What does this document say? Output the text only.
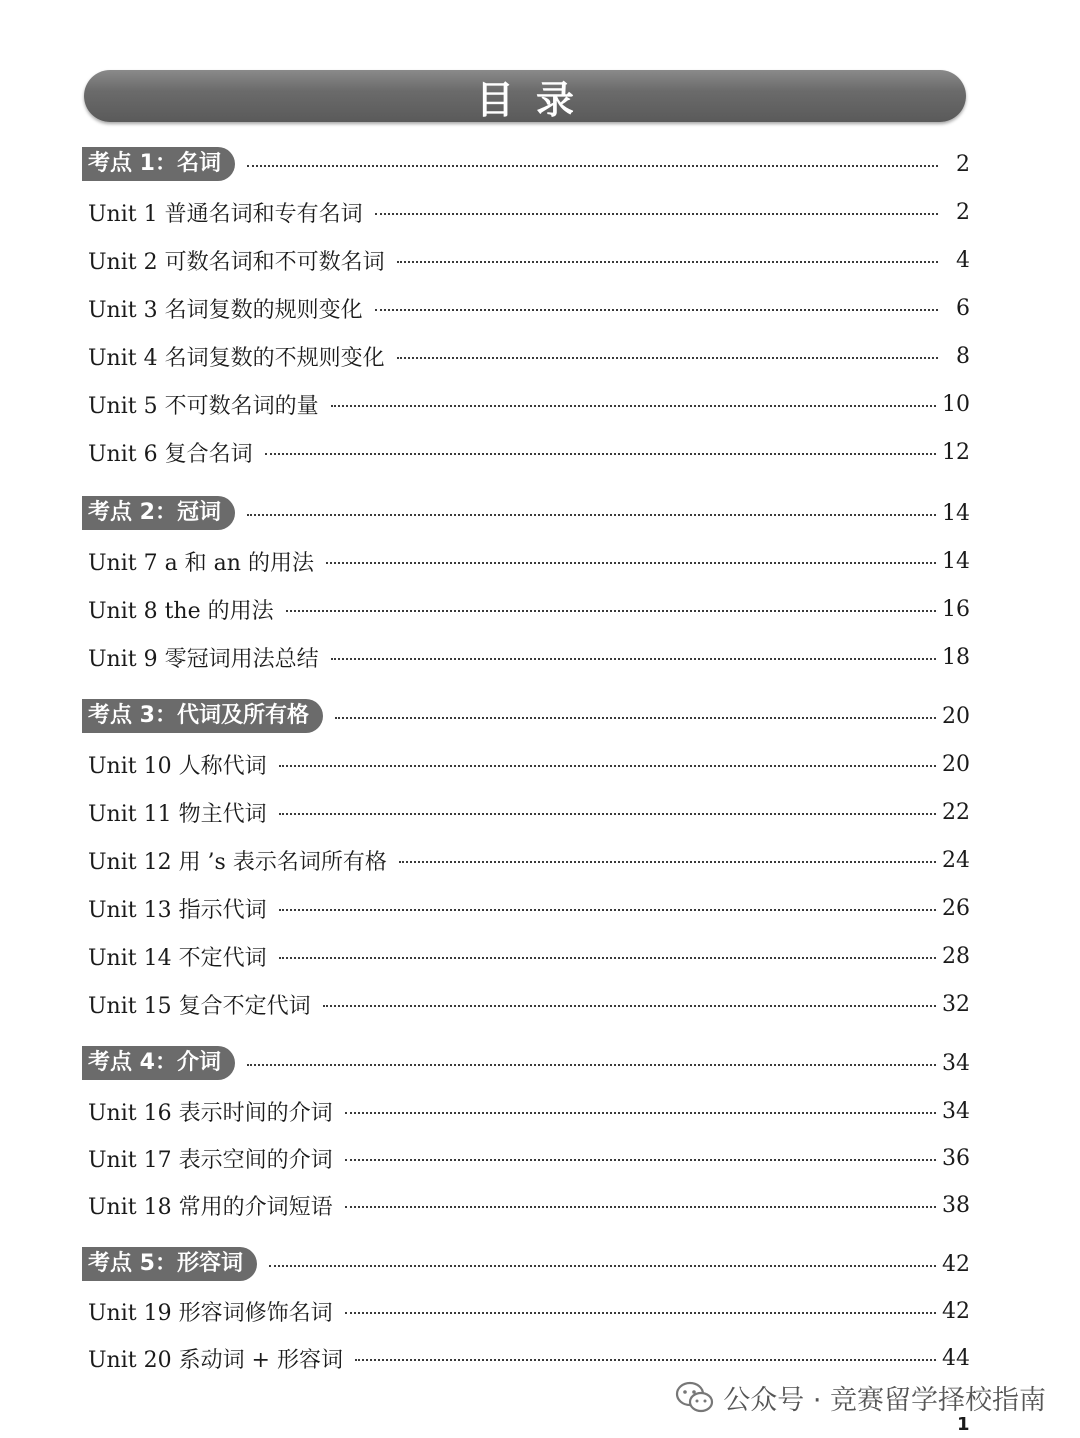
目录
考点 1：名词	2
Unit 1 普通名词和专有名词	2
Unit 2 可数名词和不可数名词	4
Unit 3 名词复数的规则变化	6
Unit 4 名词复数的不规则变化	8
Unit 5 不可数名词的量	10
Unit 6 复合名词	12
考点 2：冠词	14
Unit 7 a 和 an 的用法	14
Unit 8 the 的用法	16
Unit 9 零冠词用法总结	18
考点 3：代词及所有格	20
Unit 10 人称代词	20
Unit 11 物主代词	22
Unit 12 用 ’s 表示名词所有格	24
Unit 13 指示代词	26
Unit 14 不定代词	28
Unit 15 复合不定代词	32
考点 4：介词	34
Unit 16 表示时间的介词	34
Unit 17 表示空间的介词	36
Unit 18 常用的介词短语	38
考点 5：形容词	42
Unit 19 形容词修饰名词	42
Unit 20 系动词 + 形容词	44
公众号 · 竞赛留学择校指南
1
